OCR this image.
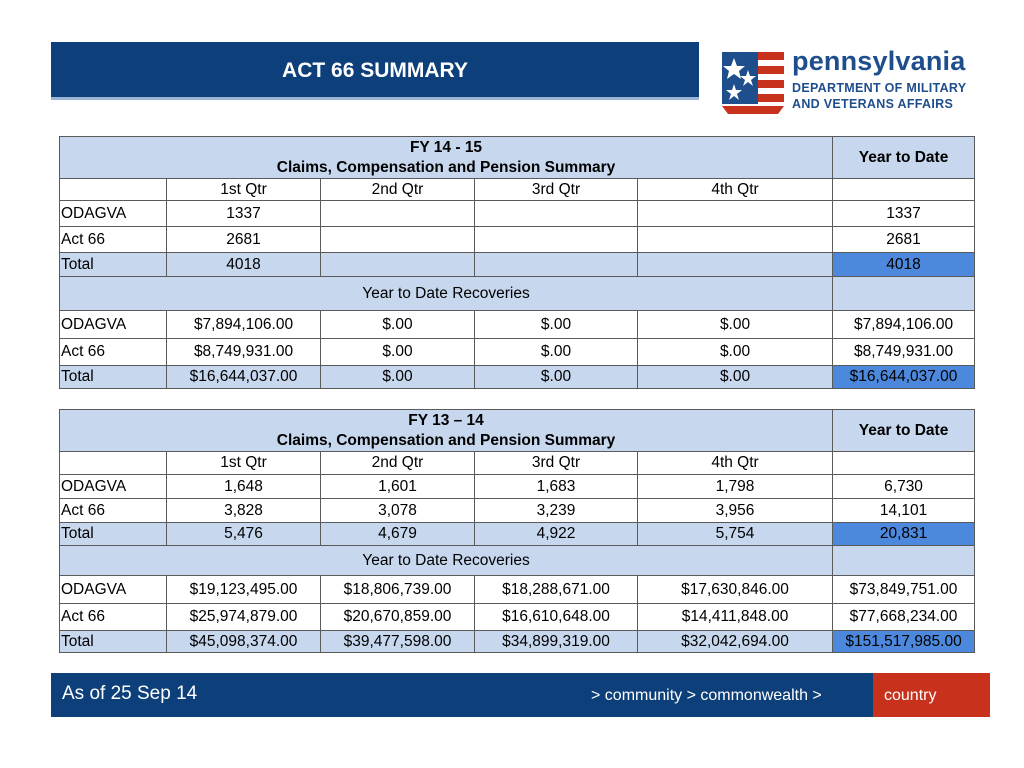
ACT 66 SUMMARY	pennsylvania
DEPARTMENT OF MILITARY
AND VETERANS AFFAIRS
FY 14 - 15
Claims, Compensation and Pension Summary					Year to Date
	1st Qtr	2nd Qtr	3rd Qtr	4th Qtr	
ODAGVA	1337				1337
Act 66	2681				2681
Total	4018				4018
Year to Date Recoveries					
ODAGVA	$7,894,106.00	$.00	$.00	$.00	$7,894,106.00
Act 66	$8,749,931.00	$.00	$.00	$.00	$8,749,931.00
Total	$16,644,037.00	$.00	$.00	$.00	$16,644,037.00
FY 13 – 14
Claims, Compensation and Pension Summary					Year to Date
	1st Qtr	2nd Qtr	3rd Qtr	4th Qtr	
ODAGVA	1,648	1,601	1,683	1,798	6,730
Act 66	3,828	3,078	3,239	3,956	14,101
Total	5,476	4,679	4,922	5,754	20,831
Year to Date Recoveries					
ODAGVA	$19,123,495.00	$18,806,739.00	$18,288,671.00	$17,630,846.00	$73,849,751.00
Act 66	$25,974,879.00	$20,670,859.00	$16,610,648.00	$14,411,848.00	$77,668,234.00
Total	$45,098,374.00	$39,477,598.00	$34,899,319.00	$32,042,694.00	$151,517,985.00
As of 25 Sep 14	> community > commonwealth >	country
